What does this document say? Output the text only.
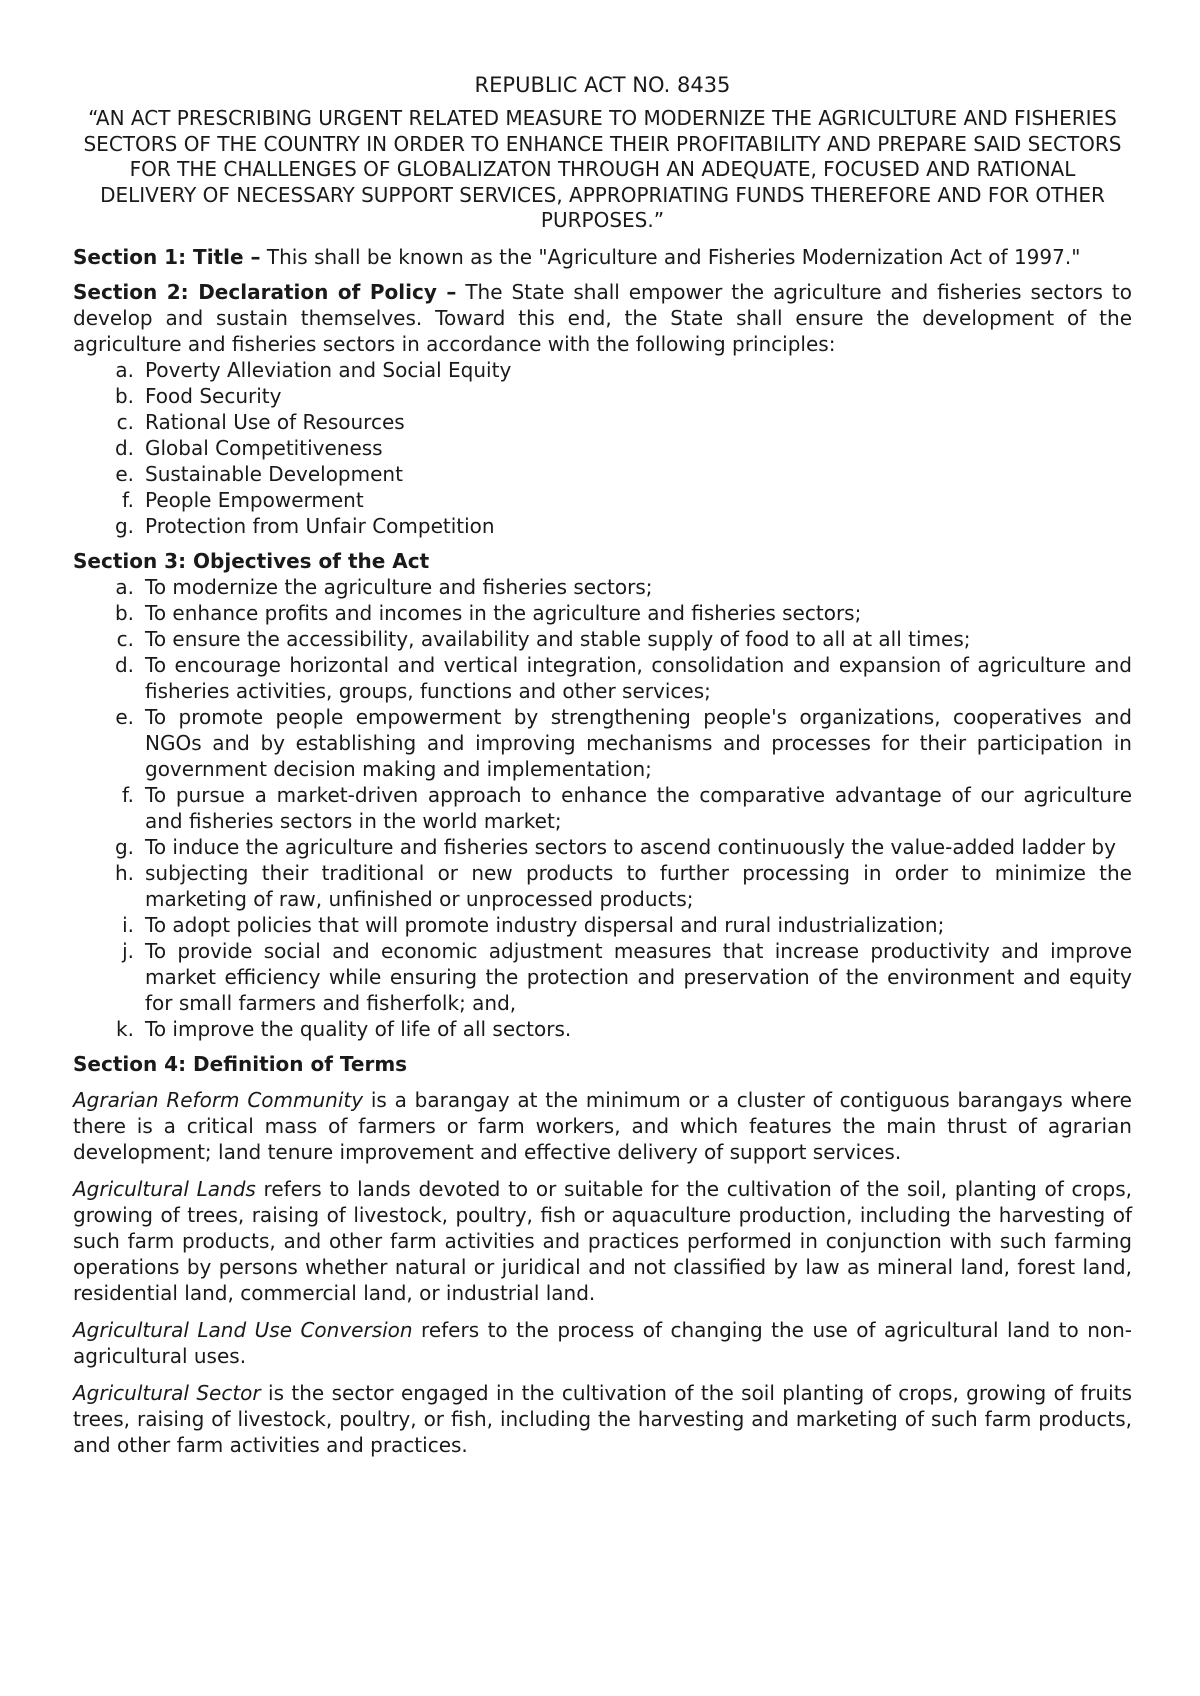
REPUBLIC ACT NO. 8435
“AN ACT PRESCRIBING URGENT RELATED MEASURE TO MODERNIZE THE AGRICULTURE AND FISHERIES SECTORS OF THE COUNTRY IN ORDER TO ENHANCE THEIR PROFITABILITY AND PREPARE SAID SECTORS FOR THE CHALLENGES OF GLOBALIZATON THROUGH AN ADEQUATE, FOCUSED AND RATIONAL DELIVERY OF NECESSARY SUPPORT SERVICES, APPROPRIATING FUNDS THEREFORE AND FOR OTHER PURPOSES.”

Section 1: Title – This shall be known as the "Agriculture and Fisheries Modernization Act of 1997."

Section 2: Declaration of Policy – The State shall empower the agriculture and fisheries sectors to develop and sustain themselves. Toward this end, the State shall ensure the development of the agriculture and fisheries sectors in accordance with the following principles:

a. Poverty Alleviation and Social Equity
b. Food Security
c. Rational Use of Resources
d. Global Competitiveness
e. Sustainable Development
f. People Empowerment
g. Protection from Unfair Competition
Section 3: Objectives of the Act
a. To modernize the agriculture and fisheries sectors;
b. To enhance profits and incomes in the agriculture and fisheries sectors;
c. To ensure the accessibility, availability and stable supply of food to all at all times;
d. To encourage horizontal and vertical integration, consolidation and expansion of agriculture and fisheries activities, groups, functions and other services;
e. To promote people empowerment by strengthening people's organizations, cooperatives and NGOs and by establishing and improving mechanisms and processes for their participation in government decision making and implementation;
f. To pursue a market-driven approach to enhance the comparative advantage of our agriculture and fisheries sectors in the world market;
g. To induce the agriculture and fisheries sectors to ascend continuously the value-added ladder by
h. subjecting their traditional or new products to further processing in order to minimize the marketing of raw, unfinished or unprocessed products;
i. To adopt policies that will promote industry dispersal and rural industrialization;
j. To provide social and economic adjustment measures that increase productivity and improve market efficiency while ensuring the protection and preservation of the environment and equity for small farmers and fisherfolk; and,
k. To improve the quality of life of all sectors.
Section 4: Definition of Terms

Agrarian Reform Community is a barangay at the minimum or a cluster of contiguous barangays where there is a critical mass of farmers or farm workers, and which features the main thrust of agrarian development; land tenure improvement and effective delivery of support services.

Agricultural Lands refers to lands devoted to or suitable for the cultivation of the soil, planting of crops, growing of trees, raising of livestock, poultry, fish or aquaculture production, including the harvesting of such farm products, and other farm activities and practices performed in conjunction with such farming operations by persons whether natural or juridical and not classified by law as mineral land, forest land, residential land, commercial land, or industrial land.

Agricultural Land Use Conversion refers to the process of changing the use of agricultural land to non-agricultural uses.

Agricultural Sector is the sector engaged in the cultivation of the soil planting of crops, growing of fruits trees, raising of livestock, poultry, or fish, including the harvesting and marketing of such farm products, and other farm activities and practices.
